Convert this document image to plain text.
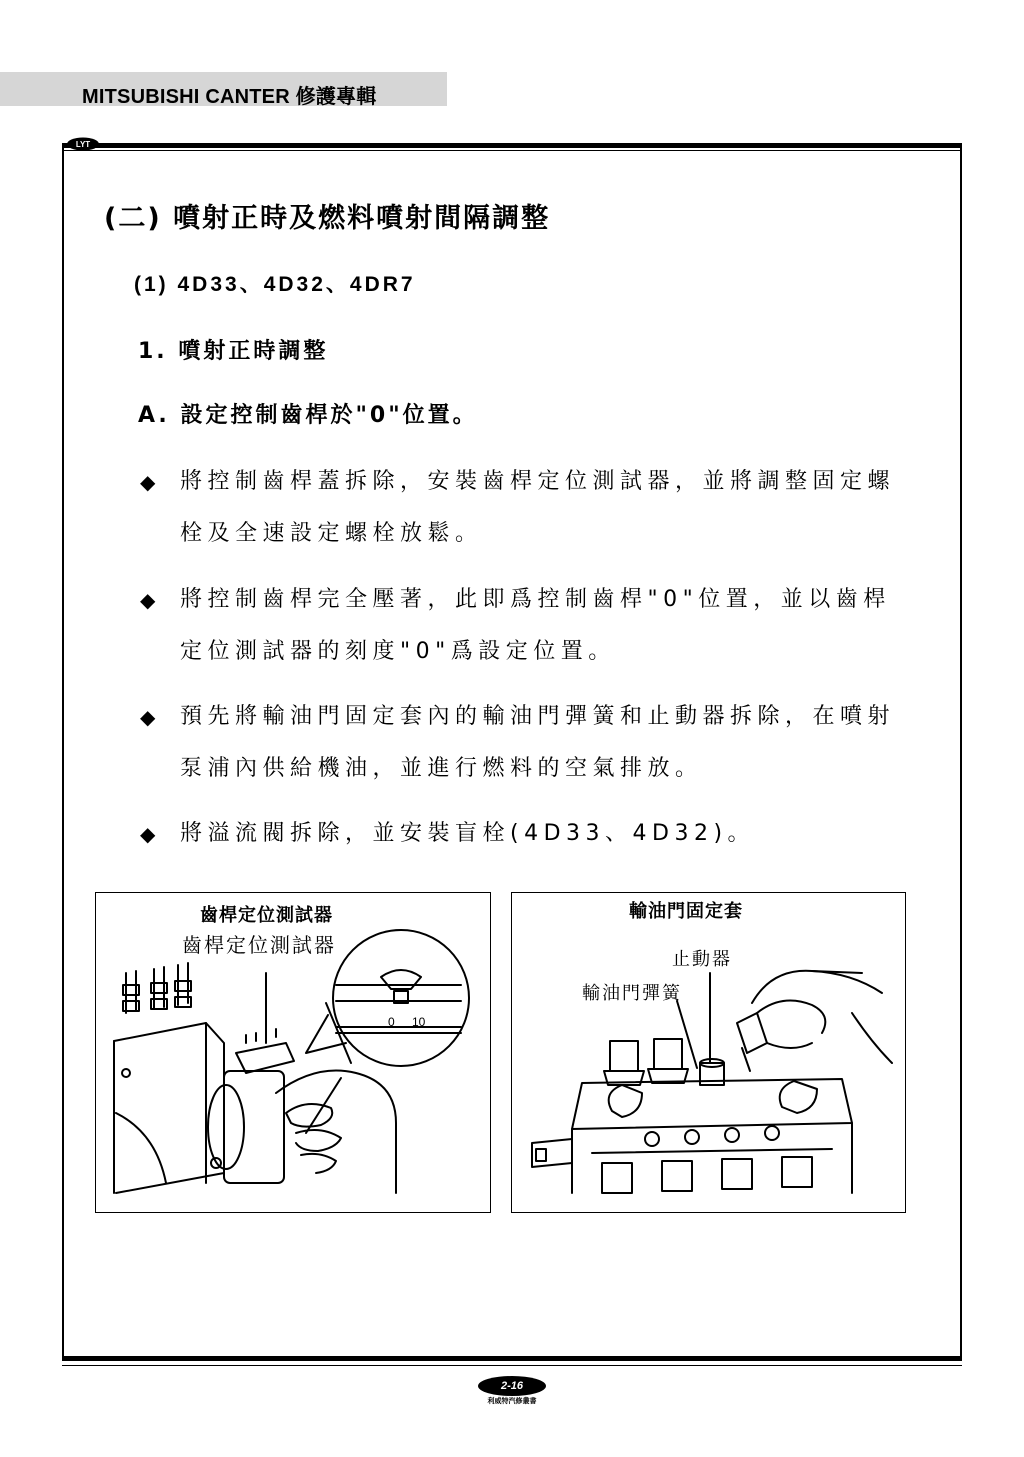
MITSUBISHI CANTER 修護專輯
LYT
(二) 噴射正時及燃料噴射間隔調整
(1) 4D33、4D32、4DR7
1. 噴射正時調整
A. 設定控制齒桿於"0"位置。
◆ 將控制齒桿蓋拆除，安裝齒桿定位測試器，並將調整固定螺栓及全速設定螺栓放鬆。
◆ 將控制齒桿完全壓著，此即爲控制齒桿"0"位置，並以齒桿定位測試器的刻度"0"爲設定位置。
◆ 預先將輸油門固定套內的輸油門彈簧和止動器拆除，在噴射泵浦內供給機油，並進行燃料的空氣排放。
◆ 將溢流閥拆除，並安裝盲栓(4D33、4D32)。
齒桿定位測試器
齒桿定位測試器
0 10
輸油門固定套
止動器
輸油門彈簧
2-16
利威特汽修叢書
